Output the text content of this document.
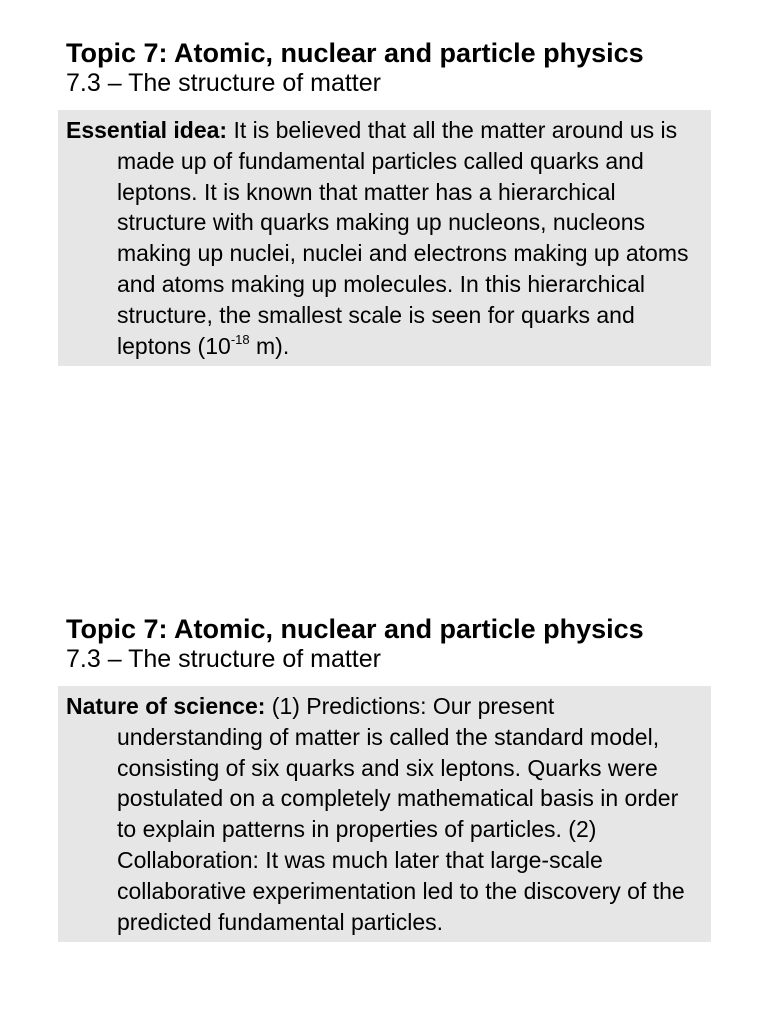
Topic 7: Atomic, nuclear and particle physics
7.3 – The structure of matter

Essential idea: It is believed that all the matter around us is made up of fundamental particles called quarks and leptons. It is known that matter has a hierarchical structure with quarks making up nucleons, nucleons making up nuclei, nuclei and electrons making up atoms and atoms making up molecules. In this hierarchical structure, the smallest scale is seen for quarks and leptons ($10^{-18}$ m).

Topic 7: Atomic, nuclear and particle physics
7.3 – The structure of matter

Nature of science: (1) Predictions: Our present understanding of matter is called the standard model, consisting of six quarks and six leptons. Quarks were postulated on a completely mathematical basis in order to explain patterns in properties of particles. (2) Collaboration: It was much later that large-scale collaborative experimentation led to the discovery of the predicted fundamental particles.
